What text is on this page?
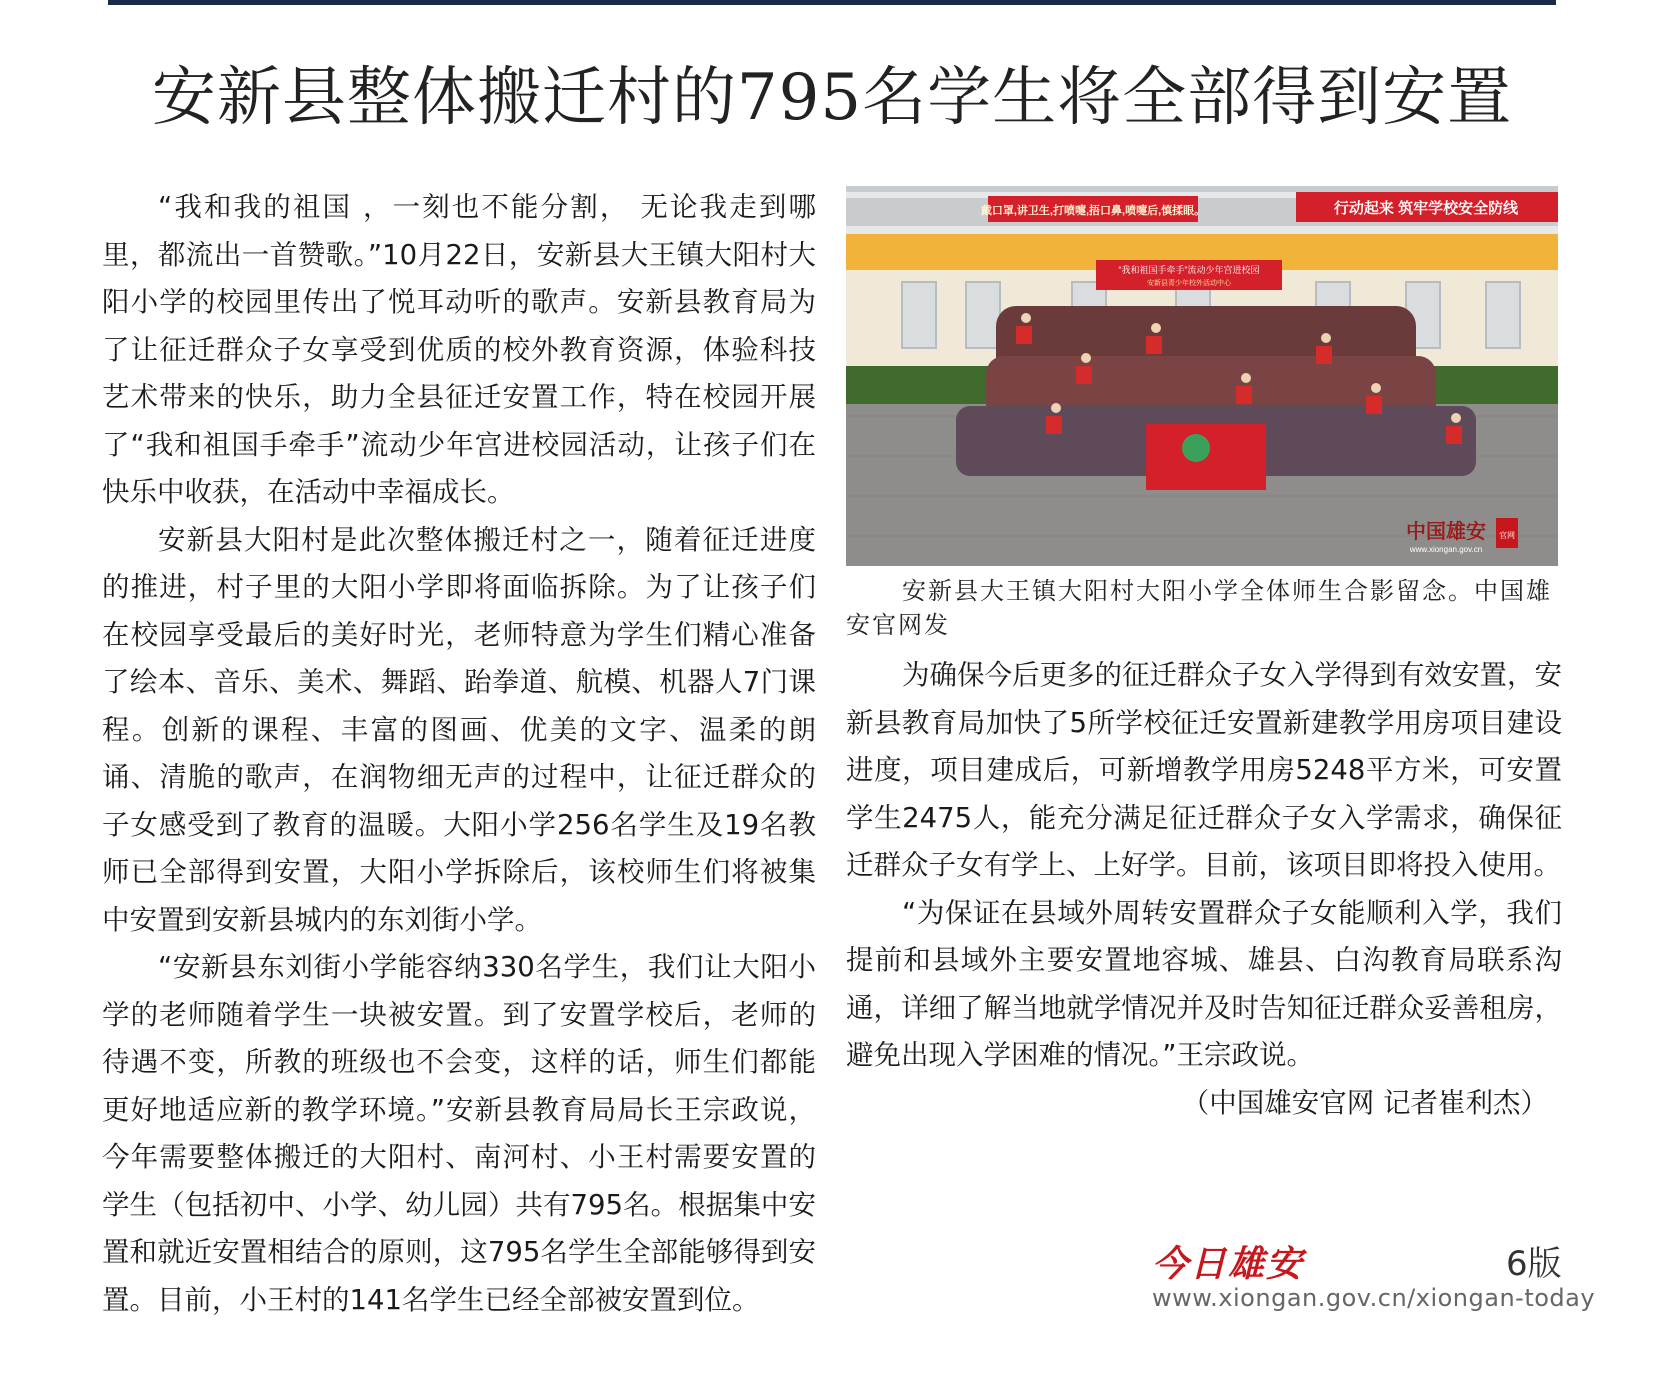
安新县整体搬迁村的795名学生将全部得到安置

“我和我的祖国 ，一刻也不能分割， 无论我走到哪里，都流出一首赞歌。”10月22日，安新县大王镇大阳村大阳小学的校园里传出了悦耳动听的歌声。安新县教育局为了让征迁群众子女享受到优质的校外教育资源，体验科技艺术带来的快乐，助力全县征迁安置工作，特在校园开展了“我和祖国手牵手”流动少年宫进校园活动，让孩子们在快乐中收获，在活动中幸福成长。

安新县大阳村是此次整体搬迁村之一，随着征迁进度的推进，村子里的大阳小学即将面临拆除。为了让孩子们在校园享受最后的美好时光，老师特意为学生们精心准备了绘本、音乐、美术、舞蹈、跆拳道、航模、机器人7门课程。创新的课程、丰富的图画、优美的文字、温柔的朗诵、清脆的歌声，在润物细无声的过程中，让征迁群众的子女感受到了教育的温暖。大阳小学256名学生及19名教师已全部得到安置，大阳小学拆除后，该校师生们将被集中安置到安新县城内的东刘街小学。

“安新县东刘街小学能容纳330名学生，我们让大阳小学的老师随着学生一块被安置。到了安置学校后，老师的待遇不变，所教的班级也不会变，这样的话，师生们都能更好地适应新的教学环境。”安新县教育局局长王宗政说，今年需要整体搬迁的大阳村、南河村、小王村需要安置的学生（包括初中、小学、幼儿园）共有795名。根据集中安置和就近安置相结合的原则，这795名学生全部能够得到安置。目前，小王村的141名学生已经全部被安置到位。

戴口罩,讲卫生,打喷嚏,捂口鼻,喷嚏后,慎揉眼。	行动起来 筑牢学校安全防线
“我和祖国手牵手”流动少年宫进校园
安新县青少年校外活动中心
中国雄安
www.xiongan.gov.cn
官网
安新县大王镇大阳村大阳小学全体师生合影留念。中国雄安官网发

为确保今后更多的征迁群众子女入学得到有效安置，安新县教育局加快了5所学校征迁安置新建教学用房项目建设进度，项目建成后，可新增教学用房5248平方米，可安置学生2475人，能充分满足征迁群众子女入学需求，确保征迁群众子女有学上、上好学。目前，该项目即将投入使用。

“为保证在县域外周转安置群众子女能顺利入学，我们提前和县域外主要安置地容城、雄县、白沟教育局联系沟通，详细了解当地就学情况并及时告知征迁群众妥善租房，避免出现入学困难的情况。”王宗政说。

（中国雄安官网 记者崔利杰）

今日雄安	6版
www.xiongan.gov.cn/xiongan-today
